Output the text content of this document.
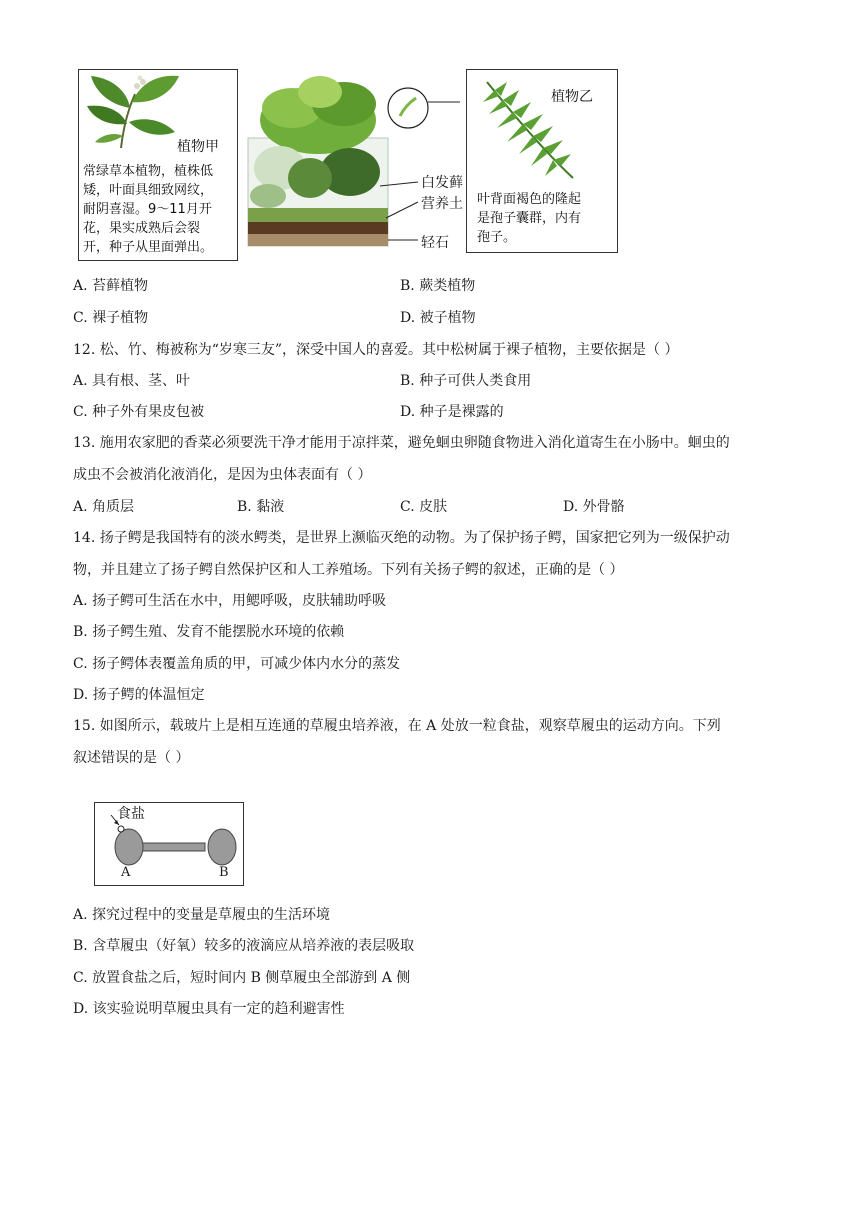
植物甲
常绿草本植物，植株低
矮，叶面具细致网纹，
耐阴喜湿。9～11月开
花，果实成熟后会裂
开，种子从里面弹出。
白发藓
营养土
轻石
植物乙
叶背面褐色的隆起
是孢子囊群，内有
孢子。
A. 苔藓植物	B. 蕨类植物
C. 裸子植物	D. 被子植物
12. 松、竹、梅被称为“岁寒三友”，深受中国人的喜爱。其中松树属于裸子植物，主要依据是（ ）
A. 具有根、茎、叶	B. 种子可供人类食用
C. 种子外有果皮包被	D. 种子是裸露的
13. 施用农家肥的香菜必须要洗干净才能用于凉拌菜，避免蛔虫卵随食物进入消化道寄生在小肠中。蛔虫的
成虫不会被消化液消化，是因为虫体表面有（ ）
A. 角质层	B. 黏液	C. 皮肤	D. 外骨骼
14. 扬子鳄是我国特有的淡水鳄类，是世界上濒临灭绝的动物。为了保护扬子鳄，国家把它列为一级保护动
物，并且建立了扬子鳄自然保护区和人工养殖场。下列有关扬子鳄的叙述，正确的是（ ）
A. 扬子鳄可生活在水中，用鳃呼吸，皮肤辅助呼吸
B. 扬子鳄生殖、发育不能摆脱水环境的依赖
C. 扬子鳄体表覆盖角质的甲，可减少体内水分的蒸发
D. 扬子鳄的体温恒定
15. 如图所示，载玻片上是相互连通的草履虫培养液，在 A 处放一粒食盐，观察草履虫的运动方向。下列
叙述错误的是（ ）
食盐
A	B
A. 探究过程中的变量是草履虫的生活环境
B. 含草履虫（好氧）较多的液滴应从培养液的表层吸取
C. 放置食盐之后，短时间内 B 侧草履虫全部游到 A 侧
D. 该实验说明草履虫具有一定的趋利避害性
